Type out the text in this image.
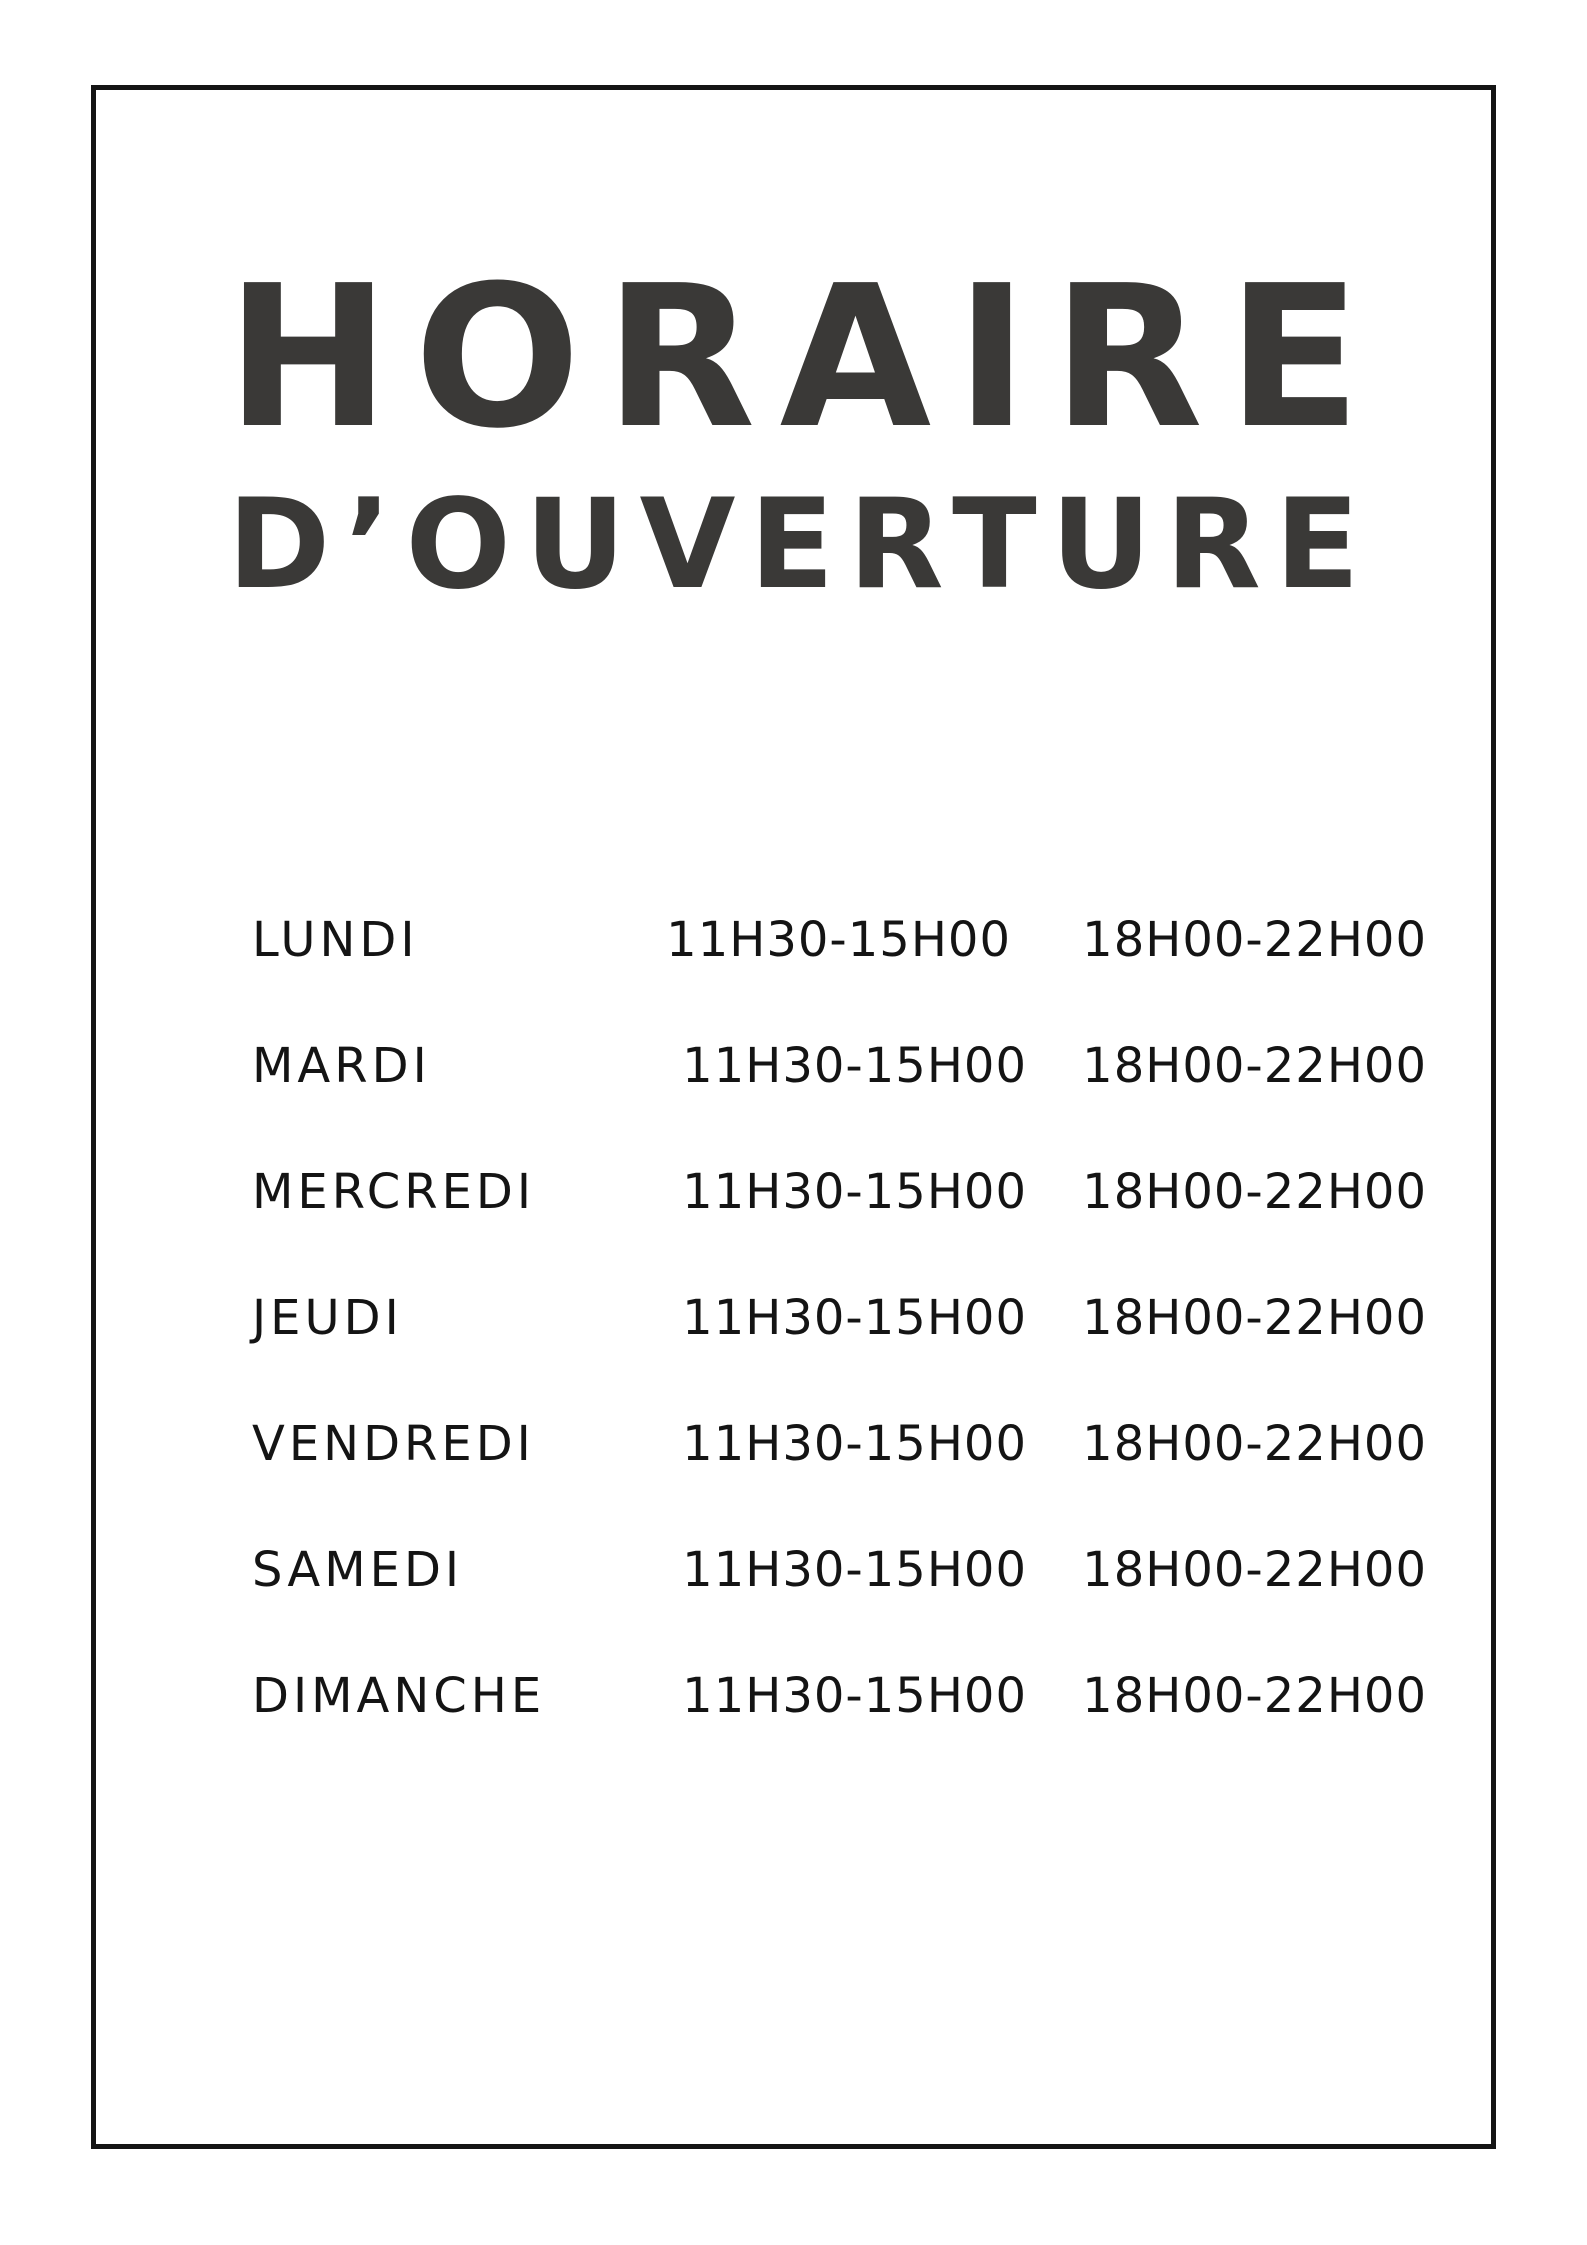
HORAIRE
D’OUVERTURE
LUNDI	11H30-15H00 18H00-22H00
MARDI	11H30-15H00 18H00-22H00
MERCREDI	11H30-15H00 18H00-22H00
JEUDI	11H30-15H00 18H00-22H00
VENDREDI	11H30-15H00 18H00-22H00
SAMEDI	11H30-15H00 18H00-22H00
DIMANCHE	11H30-15H00 18H00-22H00
